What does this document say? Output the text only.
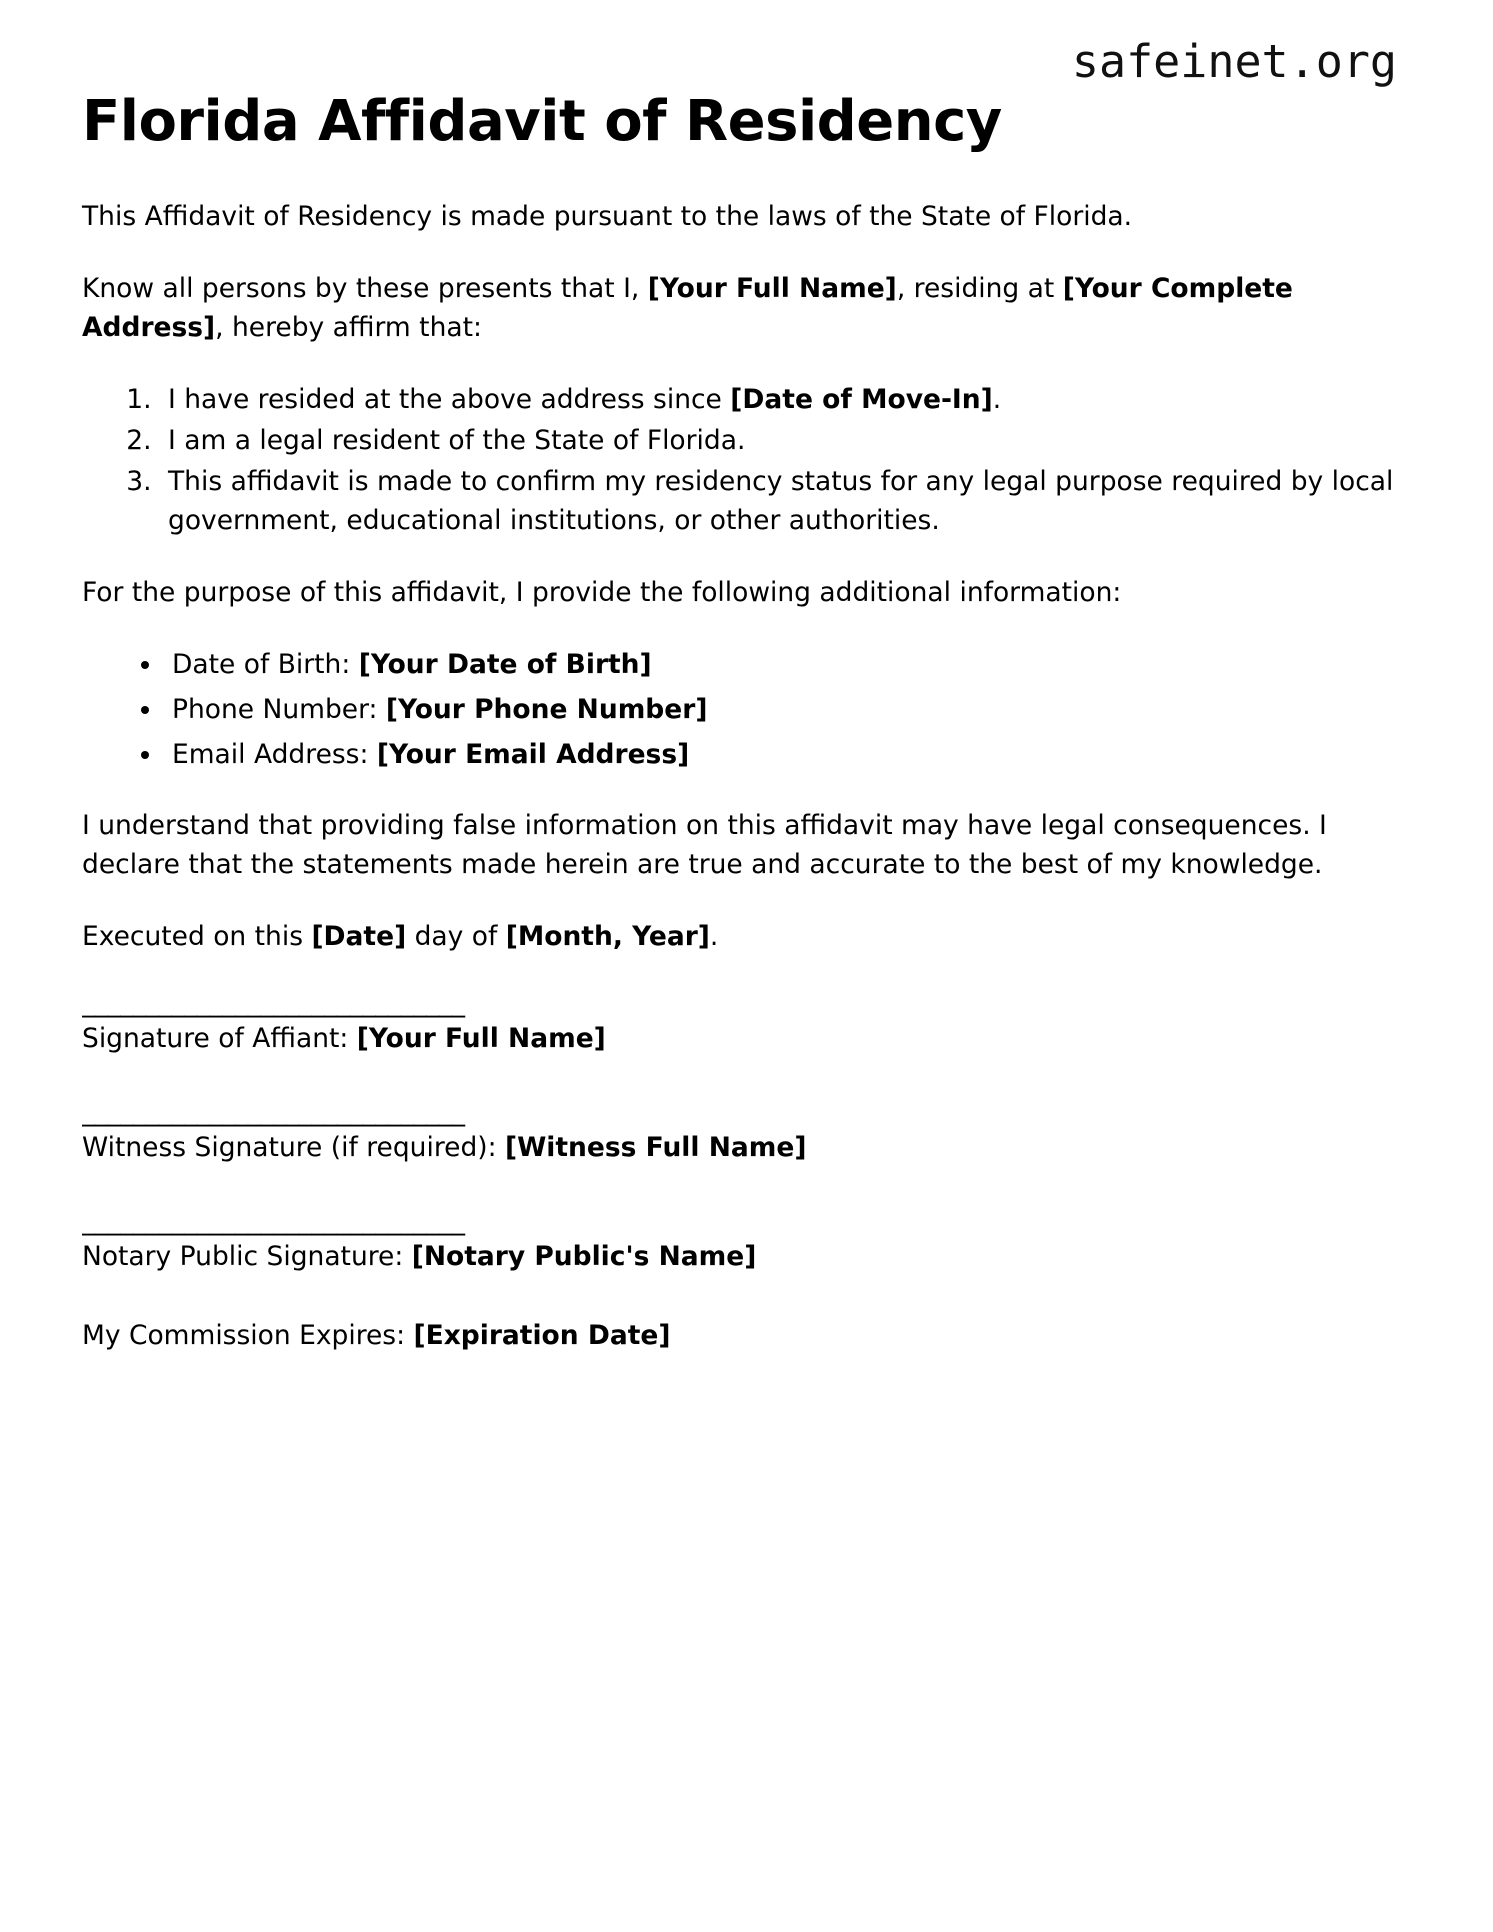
safeinet.org
Florida Affidavit of Residency

This Affidavit of Residency is made pursuant to the laws of the State of Florida.

Know all persons by these presents that I, [Your Full Name], residing at [Your Complete Address], hereby affirm that:

1. I have resided at the above address since [Date of Move-In].
2. I am a legal resident of the State of Florida.
3. This affidavit is made to confirm my residency status for any legal purpose required by local government, educational institutions, or other authorities.

For the purpose of this affidavit, I provide the following additional information:

• Date of Birth: [Your Date of Birth]
• Phone Number: [Your Phone Number]
• Email Address: [Your Email Address]

I understand that providing false information on this affidavit may have legal consequences. I declare that the statements made herein are true and accurate to the best of my knowledge.

Executed on this [Date] day of [Month, Year].

______________________________

Signature of Affiant: [Your Full Name]

______________________________

Witness Signature (if required): [Witness Full Name]

______________________________

Notary Public Signature: [Notary Public's Name]

My Commission Expires: [Expiration Date]
